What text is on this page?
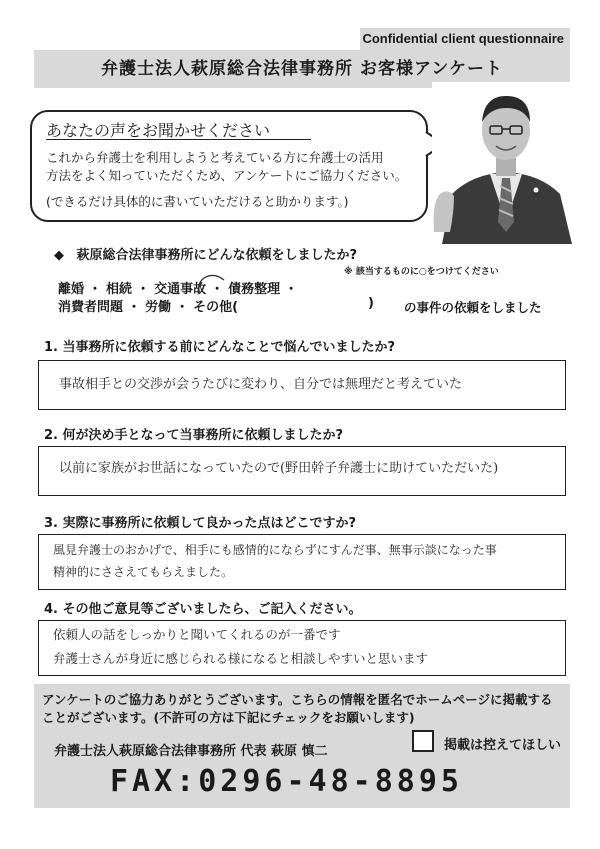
Confidential client questionnaire
弁護士法人萩原総合法律事務所 お客様アンケート
あなたの声をお聞かせください
これから弁護士を利用しようと考えている方に弁護士の活用
方法をよく知っていただくため、アンケートにご協力ください。
(できるだけ具体的に書いていただけると助かります。)
◆ 萩原総合法律事務所にどんな依頼をしましたか?
※ 該当するものに○をつけてください
離婚 ・ 相続 ・ 交通事故 ・ 債務整理 ・
消費者問題 ・ 労働 ・ その他(	) の事件の依頼をしました
1. 当事務所に依頼する前にどんなことで悩んでいましたか?
事故相手との交渉が会うたびに変わり、自分では無理だと考えていた
2. 何が決め手となって当事務所に依頼しましたか?
以前に家族がお世話になっていたので(野田幹子弁護士に助けていただいた)
3. 実際に事務所に依頼して良かった点はどこですか?
風見弁護士のおかげで、相手にも感情的にならずにすんだ事、無事示談になった事
精神的にささえてもらえました。
4. その他ご意見等ございましたら、ご記入ください。
依頼人の話をしっかりと聞いてくれるのが一番です
弁護士さんが身近に感じられる様になると相談しやすいと思います
アンケートのご協力ありがとうございます。こちらの情報を匿名でホームページに掲載する
ことがございます。(不許可の方は下記にチェックをお願いします)
弁護士法人萩原総合法律事務所 代表 萩原 慎二	掲載は控えてほしい
FAX:0296-48-8895
